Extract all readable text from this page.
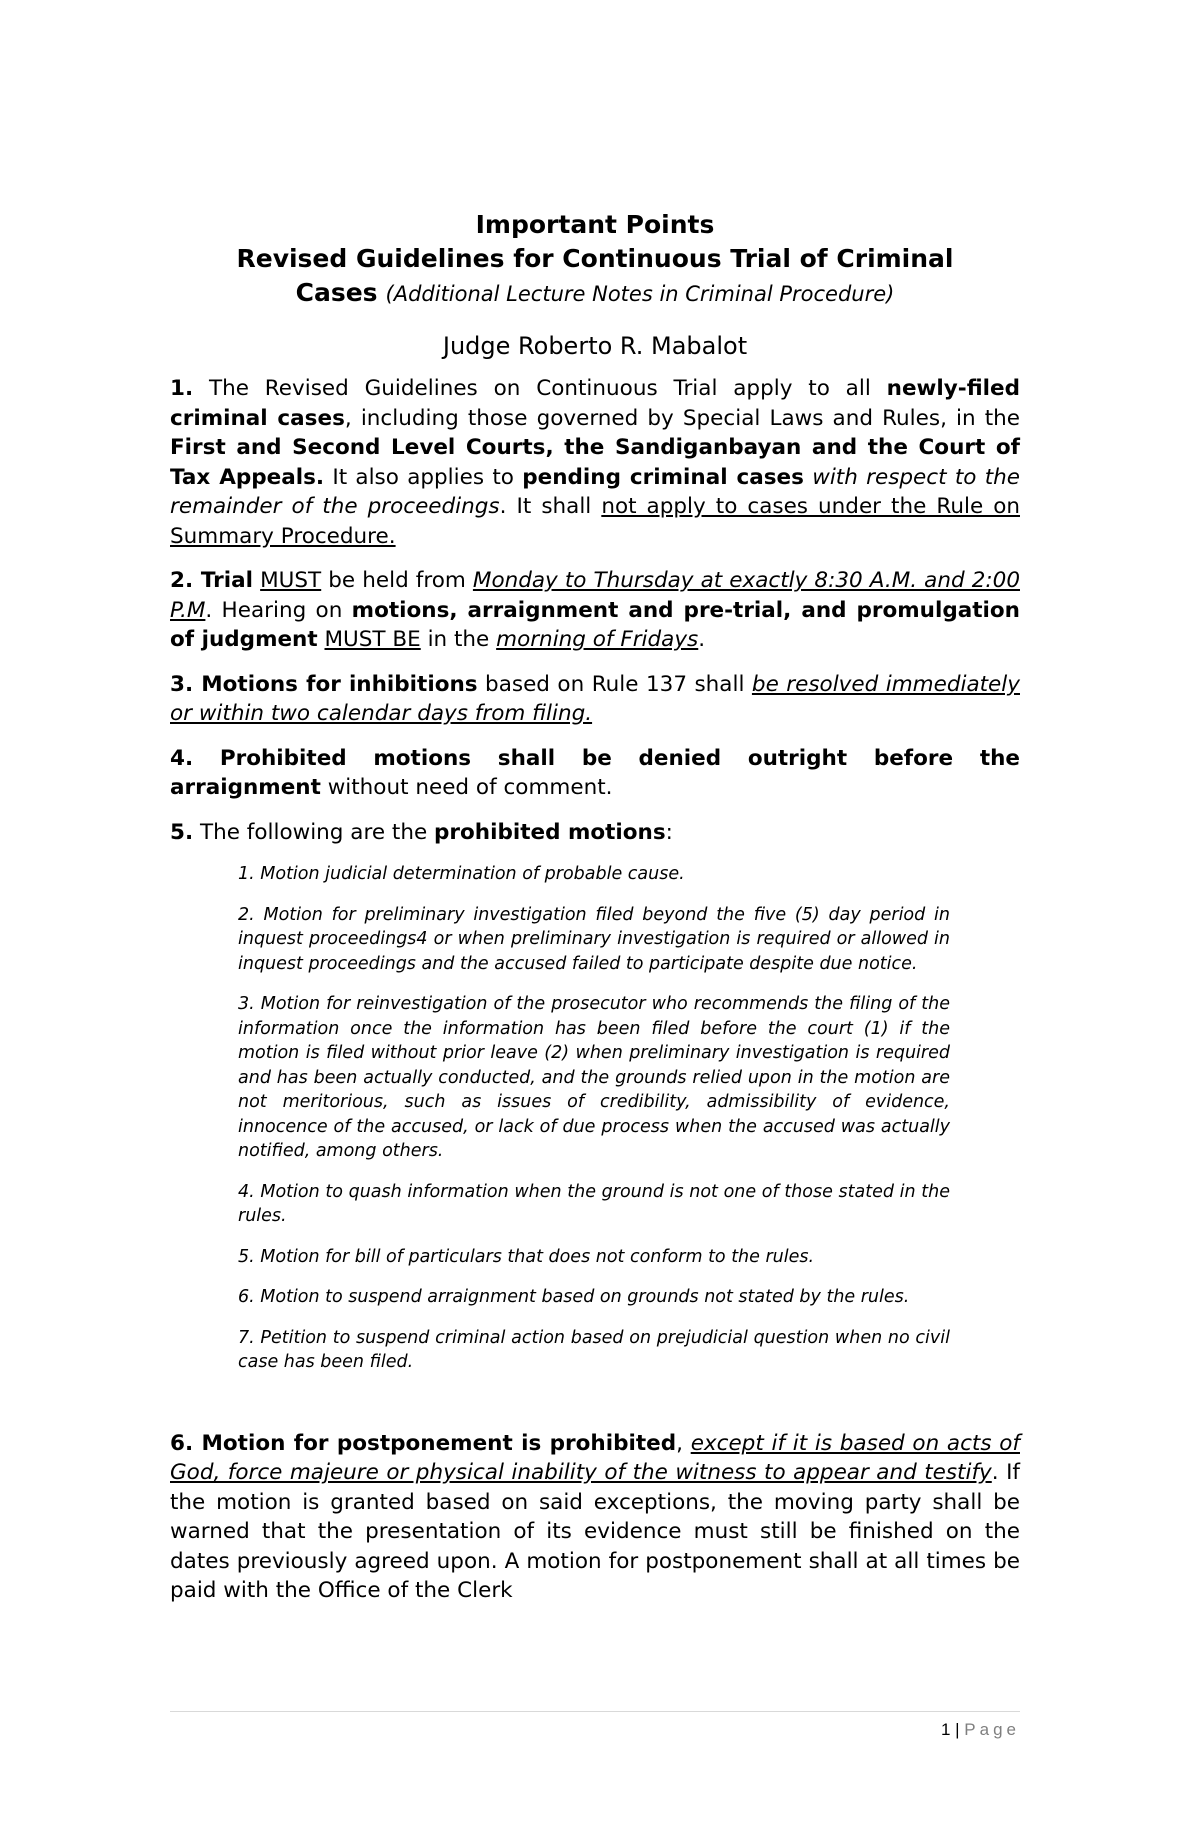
Important Points

Revised Guidelines for Continuous Trial of Criminal

Cases (Additional Lecture Notes in Criminal Procedure)

Judge Roberto R. Mabalot

1. The Revised Guidelines on Continuous Trial apply to all newly-filed criminal cases, including those governed by Special Laws and Rules, in the First and Second Level Courts, the Sandiganbayan and the Court of Tax Appeals. It also applies to pending criminal cases with respect to the remainder of the proceedings. It shall not apply to cases under the Rule on Summary Procedure.

2. Trial MUST be held from Monday to Thursday at exactly 8:30 A.M. and 2:00 P.M. Hearing on motions, arraignment and pre-trial, and promulgation of judgment MUST BE in the morning of Fridays.

3. Motions for inhibitions based on Rule 137 shall be resolved immediately or within two calendar days from filing.

4. Prohibited motions shall be denied outright before the arraignment without need of comment.

5. The following are the prohibited motions:

1. Motion judicial determination of probable cause.

2. Motion for preliminary investigation filed beyond the five (5) day period in inquest proceedings4 or when preliminary investigation is required or allowed in inquest proceedings and the accused failed to participate despite due notice.

3. Motion for reinvestigation of the prosecutor who recommends the filing of the information once the information has been filed before the court (1) if the motion is filed without prior leave (2) when preliminary investigation is required and has been actually conducted, and the grounds relied upon in the motion are not meritorious, such as issues of credibility, admissibility of evidence, innocence of the accused, or lack of due process when the accused was actually notified, among others.

4. Motion to quash information when the ground is not one of those stated in the rules.

5. Motion for bill of particulars that does not conform to the rules.

6. Motion to suspend arraignment based on grounds not stated by the rules.

7. Petition to suspend criminal action based on prejudicial question when no civil case has been filed.

6. Motion for postponement is prohibited, except if it is based on acts of God, force majeure or physical inability of the witness to appear and testify. If the motion is granted based on said exceptions, the moving party shall be warned that the presentation of its evidence must still be finished on the dates previously agreed upon. A motion for postponement shall at all times be paid with the Office of the Clerk

1 | Page
